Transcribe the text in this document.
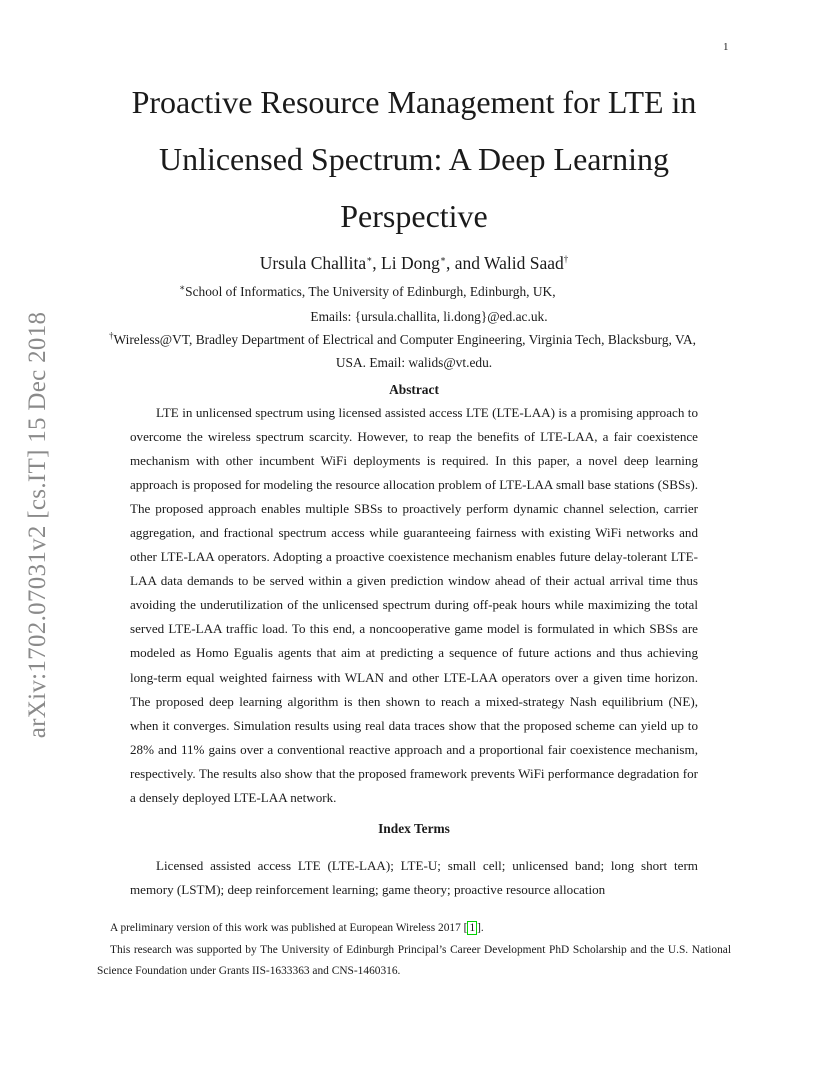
1
arXiv:1702.07031v2 [cs.IT] 15 Dec 2018
Proactive Resource Management for LTE in
Unlicensed Spectrum: A Deep Learning
Perspective
Ursula Challita∗, Li Dong∗, and Walid Saad†
∗School of Informatics, The University of Edinburgh, Edinburgh, UK,
Emails: {ursula.challita, li.dong}@ed.ac.uk.
†Wireless@VT, Bradley Department of Electrical and Computer Engineering, Virginia Tech, Blacksburg, VA,
USA. Email: walids@vt.edu.
Abstract

LTE in unlicensed spectrum using licensed assisted access LTE (LTE-LAA) is a promising approach to overcome the wireless spectrum scarcity. However, to reap the benefits of LTE-LAA, a fair coexistence mechanism with other incumbent WiFi deployments is required. In this paper, a novel deep learning approach is proposed for modeling the resource allocation problem of LTE-LAA small base stations (SBSs). The proposed approach enables multiple SBSs to proactively perform dynamic channel selection, carrier aggregation, and fractional spectrum access while guaranteeing fairness with existing WiFi networks and other LTE-LAA operators. Adopting a proactive coexistence mechanism enables future delay-tolerant LTE-LAA data demands to be served within a given prediction window ahead of their actual arrival time thus avoiding the underutilization of the unlicensed spectrum during off-peak hours while maximizing the total served LTE-LAA traffic load. To this end, a noncooperative game model is formulated in which SBSs are modeled as Homo Egualis agents that aim at predicting a sequence of future actions and thus achieving long-term equal weighted fairness with WLAN and other LTE-LAA operators over a given time horizon. The proposed deep learning algorithm is then shown to reach a mixed-strategy Nash equilibrium (NE), when it converges. Simulation results using real data traces show that the proposed scheme can yield up to 28% and 11% gains over a conventional reactive approach and a proportional fair coexistence mechanism, respectively. The results also show that the proposed framework prevents WiFi performance degradation for a densely deployed LTE-LAA network.

Index Terms

Licensed assisted access LTE (LTE-LAA); LTE-U; small cell; unlicensed band; long short term memory (LSTM); deep reinforcement learning; game theory; proactive resource allocation

A preliminary version of this work was published at European Wireless 2017 [ 1 ].

This research was supported by The University of Edinburgh Principal’s Career Development PhD Scholarship and the U.S. National Science Foundation under Grants IIS-1633363 and CNS-1460316.
